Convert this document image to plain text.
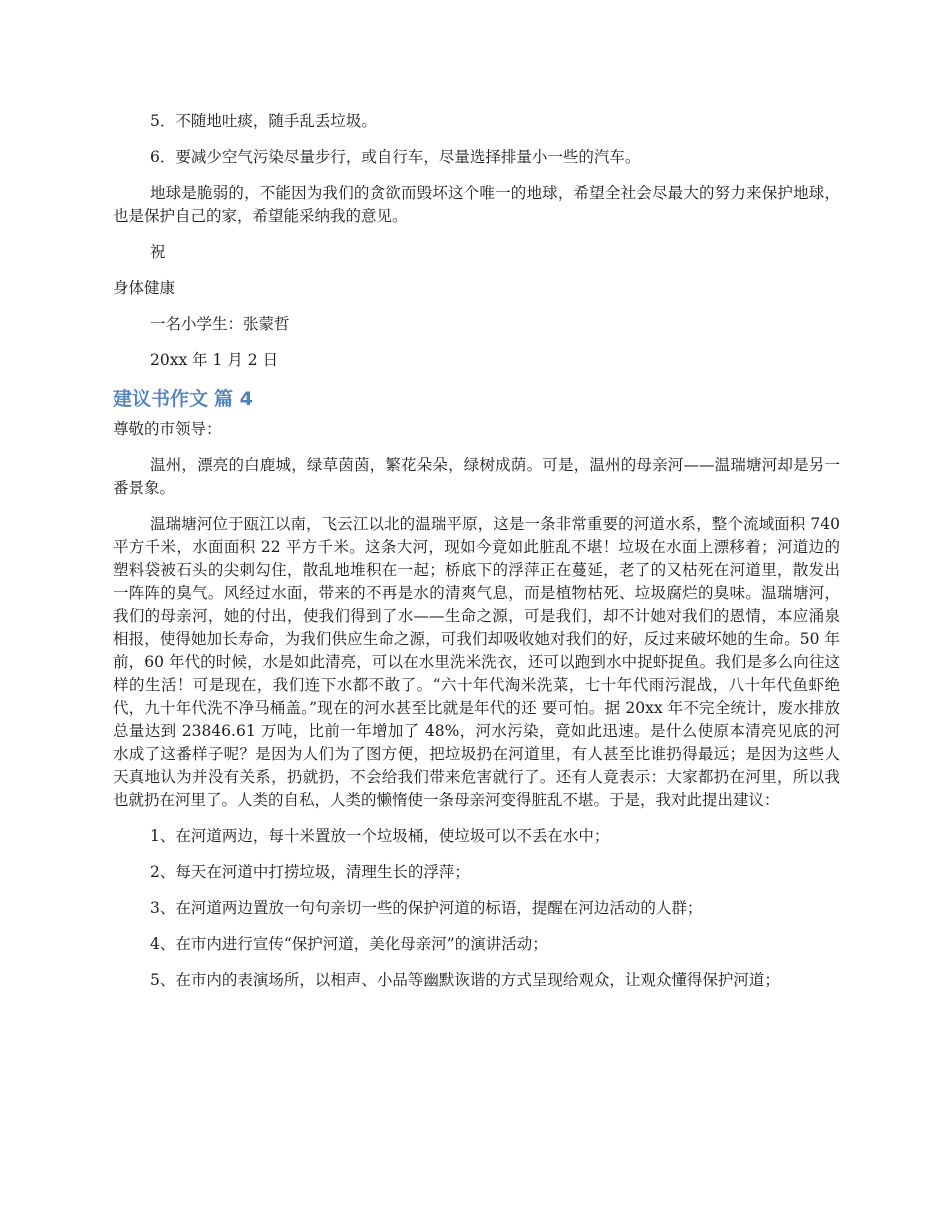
5．不随地吐痰，随手乱丢垃圾。

6．要减少空气污染尽量步行，或自行车，尽量选择排量小一些的汽车。

地球是脆弱的，不能因为我们的贪欲而毁坏这个唯一的地球，希望全社会尽最大的努力来保护地球，也是保护自己的家，希望能采纳我的意见。

祝

身体健康

一名小学生：张蒙哲

20xx 年 1 月 2 日

建议书作文 篇 4

尊敬的市领导：

温州，漂亮的白鹿城，绿草茵茵，繁花朵朵，绿树成荫。可是，温州的母亲河——温瑞塘河却是另一番景象。

温瑞塘河位于瓯江以南，飞云江以北的温瑞平原，这是一条非常重要的河道水系，整个流域面积 740 平方千米，水面面积 22 平方千米。这条大河，现如今竟如此脏乱不堪！垃圾在水面上漂移着；河道边的塑料袋被石头的尖刺勾住，散乱地堆积在一起；桥底下的浮萍正在蔓延，老了的又枯死在河道里，散发出一阵阵的臭气。风经过水面，带来的不再是水的清爽气息，而是植物枯死、垃圾腐烂的臭味。温瑞塘河，我们的母亲河，她的付出，使我们得到了水——生命之源，可是我们，却不计她对我们的恩情，本应涌泉相报，使得她加长寿命，为我们供应生命之源，可我们却吸收她对我们的好，反过来破坏她的生命。50 年前，60 年代的时候，水是如此清亮，可以在水里洗米洗衣，还可以跑到水中捉虾捉鱼。我们是多么向往这样的生活！可是现在，我们连下水都不敢了。“六十年代淘米洗菜，七十年代雨污混战，八十年代鱼虾绝代，九十年代洗不净马桶盖。”现在的河水甚至比就是年代的还 要可怕。据 20xx 年不完全统计，废水排放总量达到 23846.61 万吨，比前一年增加了 48%，河水污染，竟如此迅速。是什么使原本清亮见底的河水成了这番样子呢？是因为人们为了图方便，把垃圾扔在河道里，有人甚至比谁扔得最远；是因为这些人天真地认为并没有关系，扔就扔，不会给我们带来危害就行了。还有人竟表示：大家都扔在河里，所以我也就扔在河里了。人类的自私，人类的懒惰使一条母亲河变得脏乱不堪。于是，我对此提出建议：

1、在河道两边，每十米置放一个垃圾桶，使垃圾可以不丢在水中；

2、每天在河道中打捞垃圾，清理生长的浮萍；

3、在河道两边置放一句句亲切一些的保护河道的标语，提醒在河边活动的人群；

4、在市内进行宣传“保护河道，美化母亲河”的演讲活动；

5、在市内的表演场所，以相声、小品等幽默诙谐的方式呈现给观众，让观众懂得保护河道；
